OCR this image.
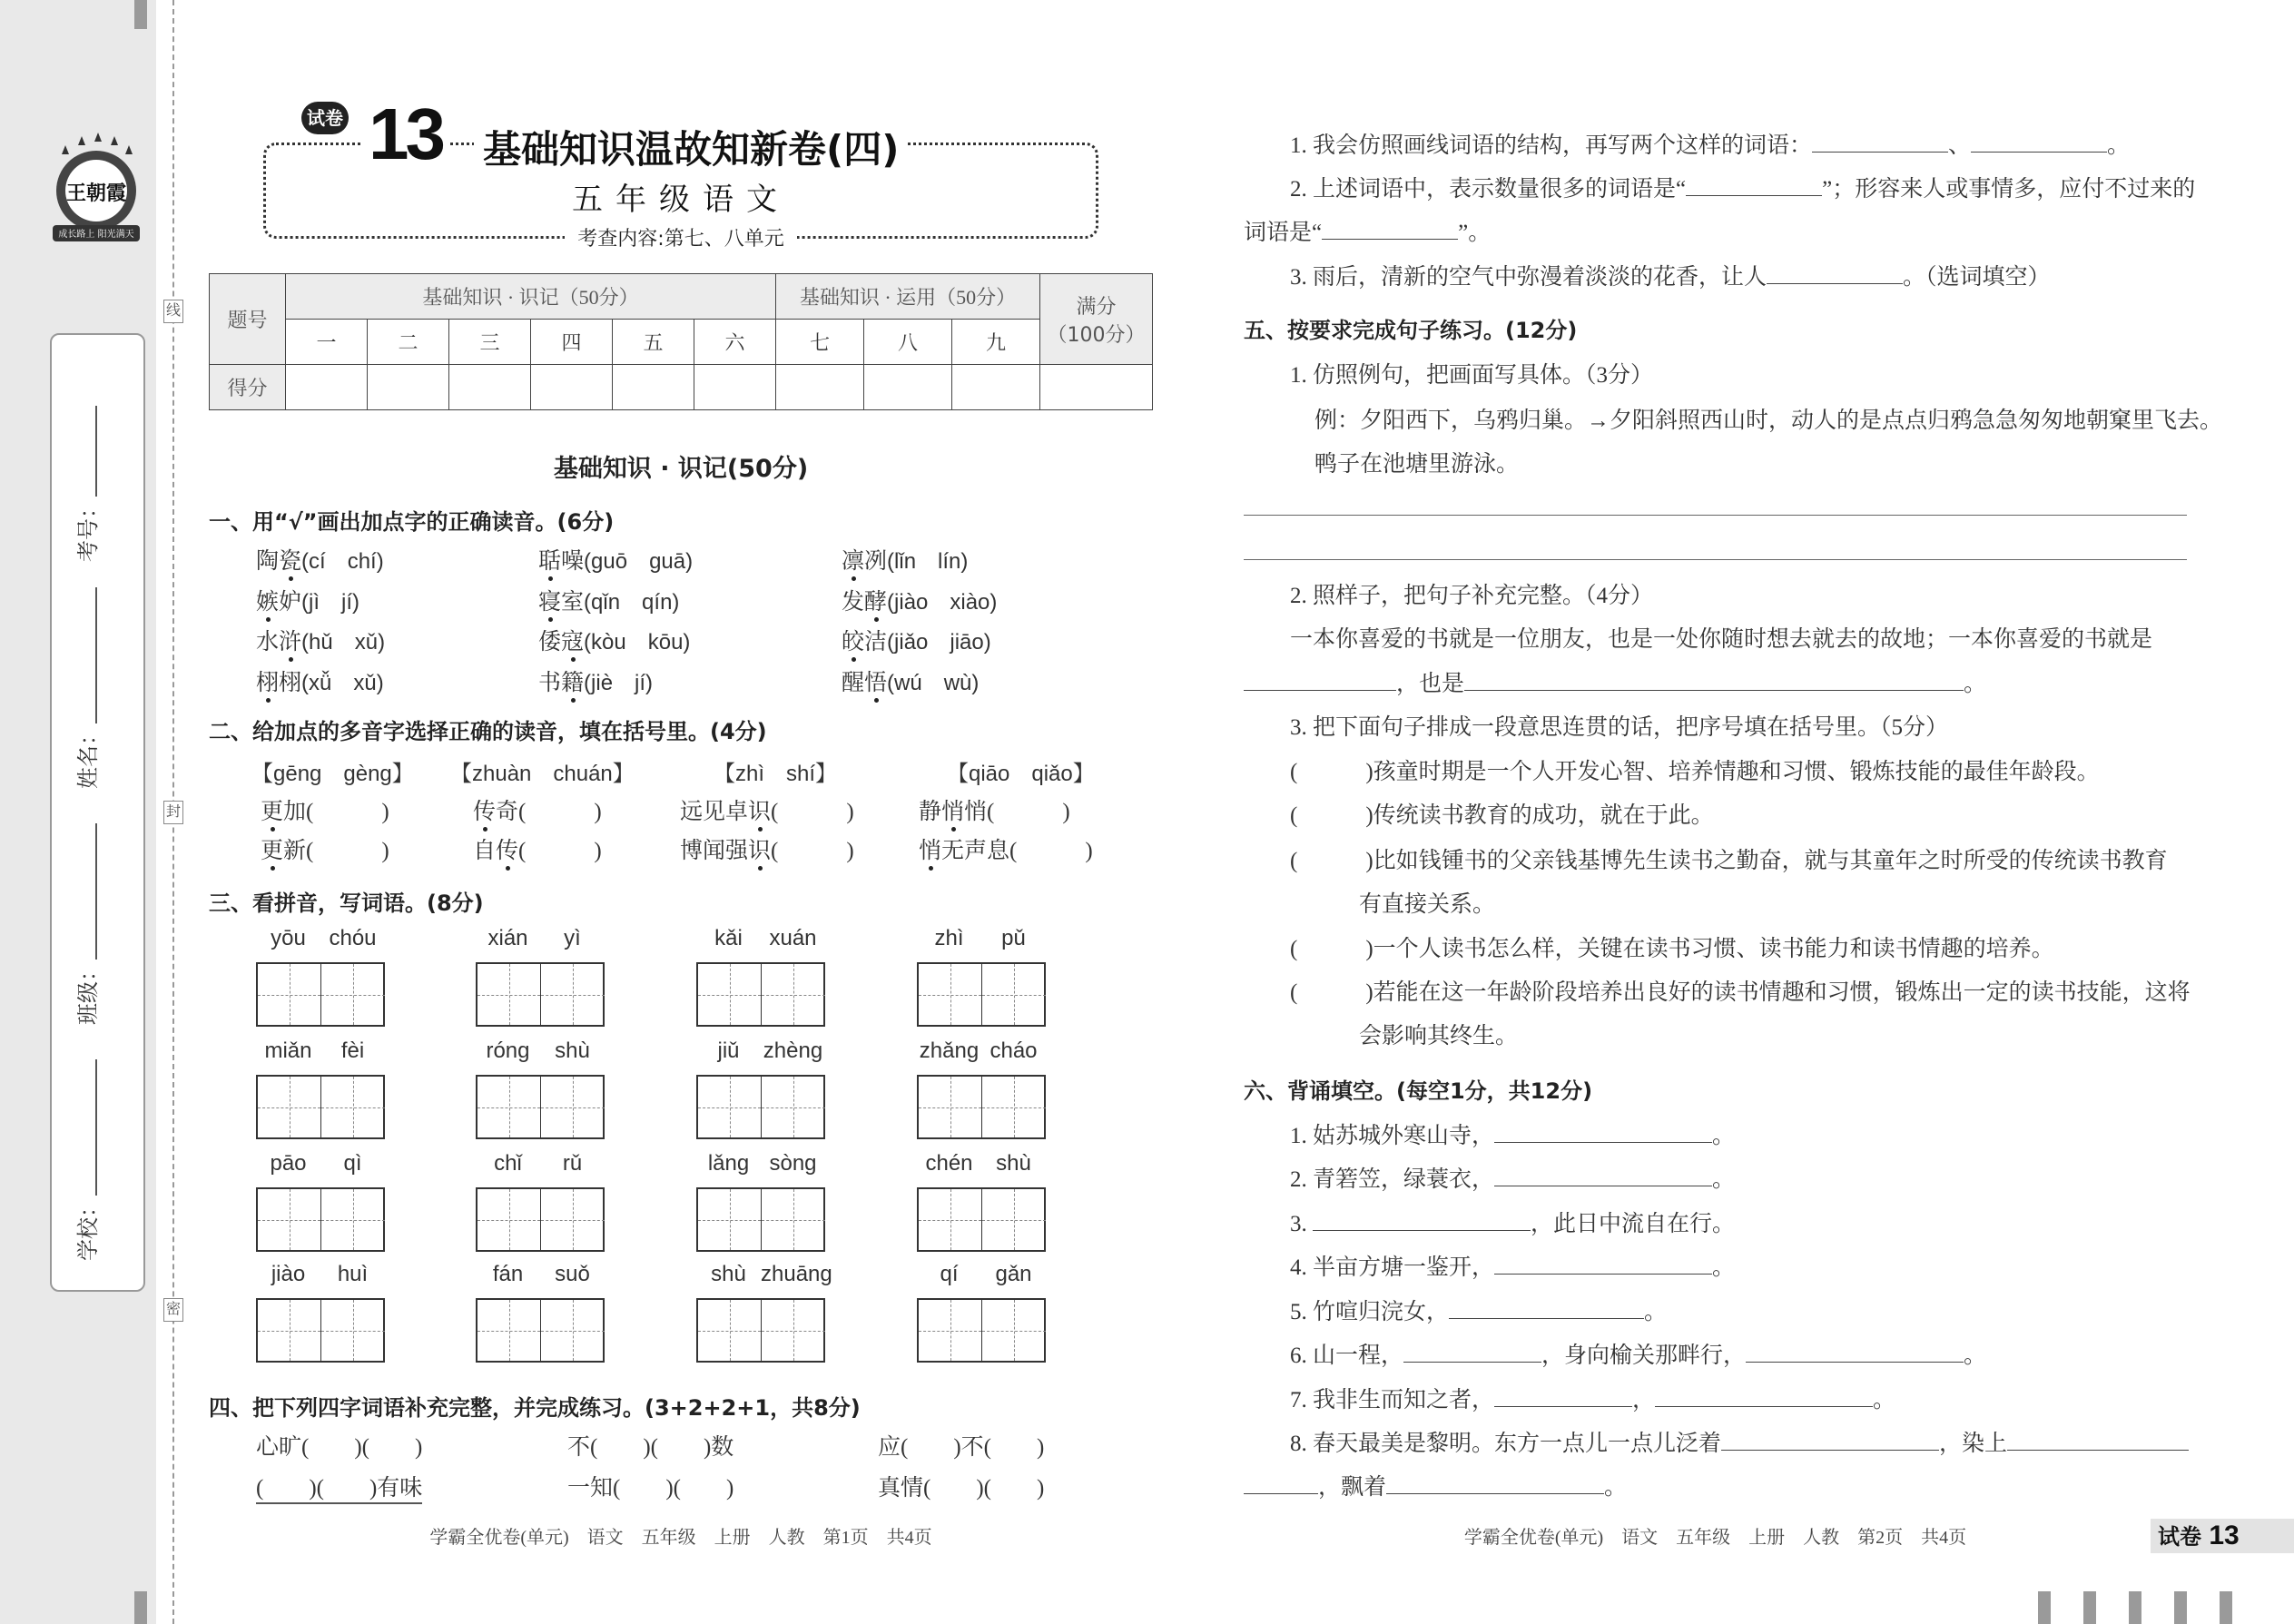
线
封
密
学校：
班级：
姓名：
考号：
王朝霞
成长路上 阳光满天
试卷 13 基础知识温故知新卷(四)
五年级语文
考查内容:第七、八单元
题号	基础知识 · 识记（50分）						基础知识 · 运用（50分）			满分
（100分）
	一	二	三	四	五	六	七	八	九	
得分										
基础知识 · 识记(50分)
一、用“√”画出加点字的正确读音。(6分)
陶瓷(cí　chí)	聒噪(guō　guā)	凛冽(lǐn　lín)
嫉妒(jì　jí)	寝室(qǐn　qín)	发酵(jiào　xiào)
水浒(hǔ　xǔ)	倭寇(kòu　kōu)	皎洁(jiǎo　jiāo)
栩栩(xǚ　xǔ)	书籍(jiè　jí)	醒悟(wú　wù)
二、给加点的多音字选择正确的读音，填在括号里。(4分)
【gēng　gèng】 【zhuàn　chuán】	【zhì　shí】	【qiāo　qiǎo】
更加(　　　)	传奇(　　　)	远见卓识(　　　)	静悄悄(　　　)
更新(　　　)	自传(　　　)	博闻强识(　　　)	悄无声息(　　　)
三、看拼音，写词语。(8分)
yōu	chóu	xián	yì	kǎi	xuán	zhì	pǔ
miǎn	fèi	róng	shù	jiǔ	zhèng	zhǎng cháo
pāo	qì	chǐ	rǔ	lǎng sòng	chén	shù
jiào	huì	fán	suǒ	shù zhuāng	qí	gǎn
四、把下列四字词语补充完整，并完成练习。(3+2+2+1，共8分)
心旷(　　)(　　)	不(　　)(　　)数	应(　　)不(　　)
(　　)(　　)有味	一知(　　)(　　)	真情(　　)(　　)
学霸全优卷(单元)　语文　五年级　上册　人教　第1页　共4页
1. 我会仿照画线词语的结构，再写两个这样的词语：	、	。
2. 上述词语中，表示数量很多的词语是“	”；形容来人或事情多，应付不过来的
词语是“	”。
3. 雨后，清新的空气中弥漫着淡淡的花香，让人	。（选词填空）
五、按要求完成句子练习。(12分)
1. 仿照例句，把画面写具体。（3分）
例：夕阳西下，乌鸦归巢。→夕阳斜照西山时，动人的是点点归鸦急急匆匆地朝窠里飞去。
鸭子在池塘里游泳。
2. 照样子，把句子补充完整。（4分）
一本你喜爱的书就是一位朋友，也是一处你随时想去就去的故地；一本你喜爱的书就是
，也是	。
3. 把下面句子排成一段意思连贯的话，把序号填在括号里。（5分）
(　　　)孩童时期是一个人开发心智、培养情趣和习惯、锻炼技能的最佳年龄段。
(　　　)传统读书教育的成功，就在于此。
(　　　)比如钱锺书的父亲钱基博先生读书之勤奋，就与其童年之时所受的传统读书教育
有直接关系。
(　　　)一个人读书怎么样，关键在读书习惯、读书能力和读书情趣的培养。
(　　　)若能在这一年龄阶段培养出良好的读书情趣和习惯，锻炼出一定的读书技能，这将
会影响其终生。
六、背诵填空。(每空1分，共12分)
1. 姑苏城外寒山寺，	。
2. 青箬笠，绿蓑衣，	。
3.	，此日中流自在行。
4. 半亩方塘一鉴开，	。
5. 竹喧归浣女，	。
6. 山一程，	，身向榆关那畔行，	。
7. 我非生而知之者，	，	。
8. 春天最美是黎明。东方一点儿一点儿泛着	，染上
，飘着	。
学霸全优卷(单元)　语文　五年级　上册　人教　第2页　共4页	试卷 13
